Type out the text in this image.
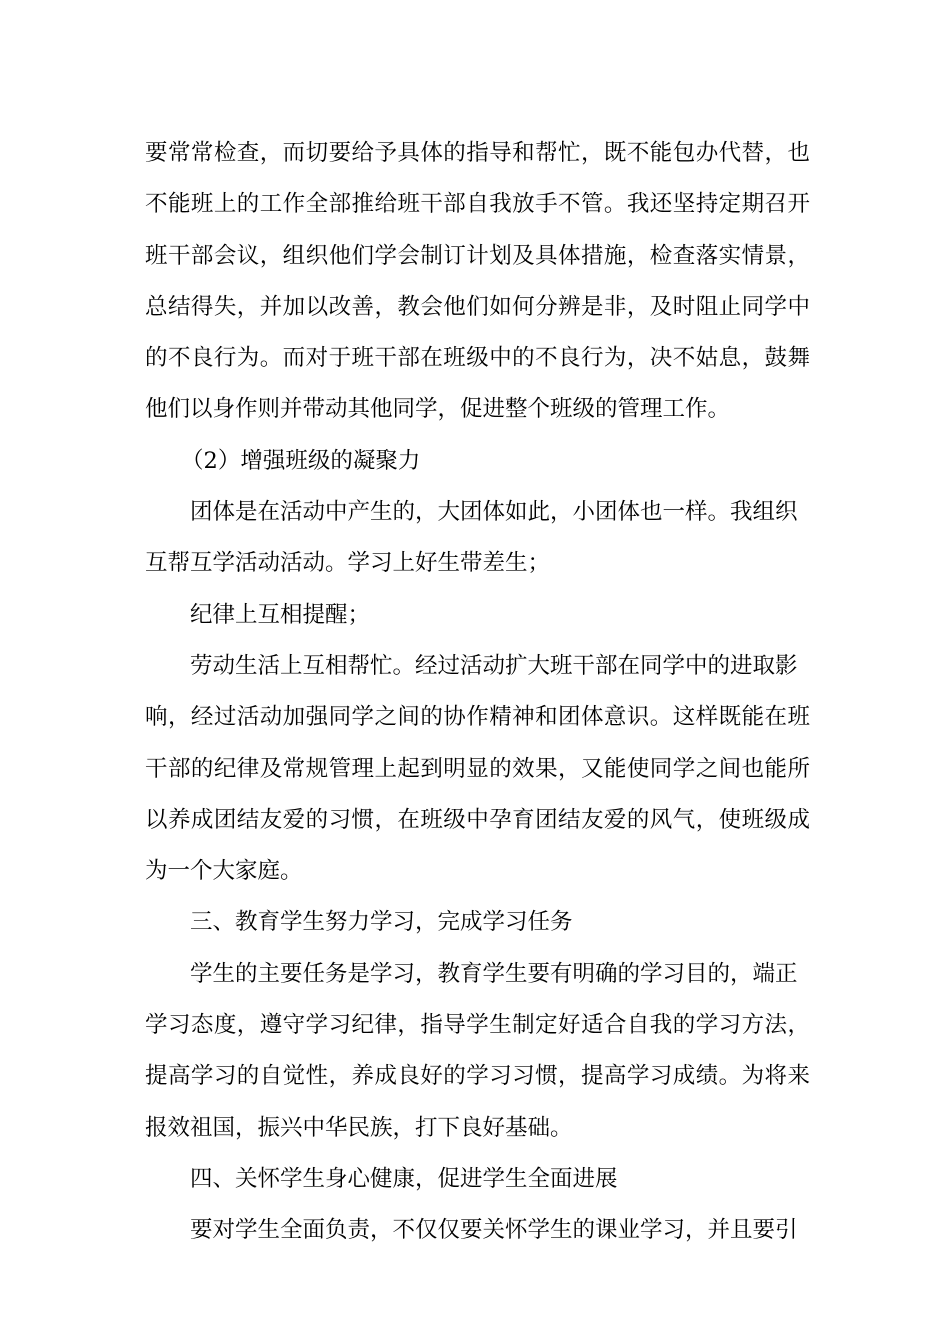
要常常检查，而切要给予具体的指导和帮忙，既不能包办代替，也
不能班上的工作全部推给班干部自我放手不管。我还坚持定期召开
班干部会议，组织他们学会制订计划及具体措施，检查落实情景，
总结得失，并加以改善，教会他们如何分辨是非，及时阻止同学中
的不良行为。而对于班干部在班级中的不良行为，决不姑息，鼓舞
他们以身作则并带动其他同学，促进整个班级的管理工作。
（2）增强班级的凝聚力
团体是在活动中产生的，大团体如此，小团体也一样。我组织
互帮互学活动活动。学习上好生带差生；
纪律上互相提醒；
劳动生活上互相帮忙。经过活动扩大班干部在同学中的进取影
响，经过活动加强同学之间的协作精神和团体意识。这样既能在班
干部的纪律及常规管理上起到明显的效果，又能使同学之间也能所
以养成团结友爱的习惯，在班级中孕育团结友爱的风气，使班级成
为一个大家庭。
三、教育学生努力学习，完成学习任务
学生的主要任务是学习，教育学生要有明确的学习目的，端正
学习态度，遵守学习纪律，指导学生制定好适合自我的学习方法，
提高学习的自觉性，养成良好的学习习惯，提高学习成绩。为将来
报效祖国，振兴中华民族，打下良好基础。
四、关怀学生身心健康，促进学生全面进展
要对学生全面负责，不仅仅要关怀学生的课业学习，并且要引
